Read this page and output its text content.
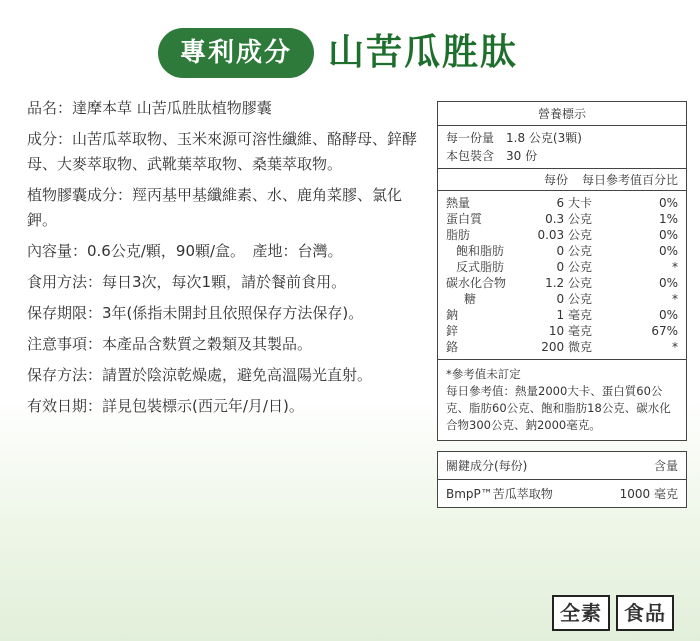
專利成分	山苦瓜胜肽

品名：達摩本草 山苦瓜胜肽植物膠囊

成分：山苦瓜萃取物、玉米來源可溶性纖維、酪酵母、鋅酵母、大麥萃取物、武靴葉萃取物、桑葉萃取物。

植物膠囊成分：羥丙基甲基纖維素、水、鹿角菜膠、氯化鉀。

內容量：0.6公克/顆，90顆/盒。　產地：台灣。

食用方法：每日3次，每次1顆，請於餐前食用。

保存期限：3年(係指未開封且依照保存方法保存)。

注意事項：本產品含麩質之穀類及其製品。

保存方法：請置於陰涼乾燥處，避免高溫陽光直射。

有效日期：詳見包裝標示(西元年/月/日)。

營養標示
每一份量　1.8 公克(3顆)
本包裝含　30 份
每份 每日參考值百分比
熱量	6 大卡	0%
蛋白質	0.3 公克	1%
脂肪	0.03 公克	0%
飽和脂肪	0 公克	0%
反式脂肪	0 公克	*
碳水化合物	1.2 公克	0%
糖	0 公克	*
鈉	1 毫克	0%
鋅	10 毫克	67%
鉻	200 微克	*
*參考值未訂定
每日參考值：熱量2000大卡、蛋白質60公克、脂肪60公克、飽和脂肪18公克、碳水化合物300公克、鈉2000毫克。
關鍵成分(每份)	含量
BmpP™苦瓜萃取物	1000 毫克
全素	食品
